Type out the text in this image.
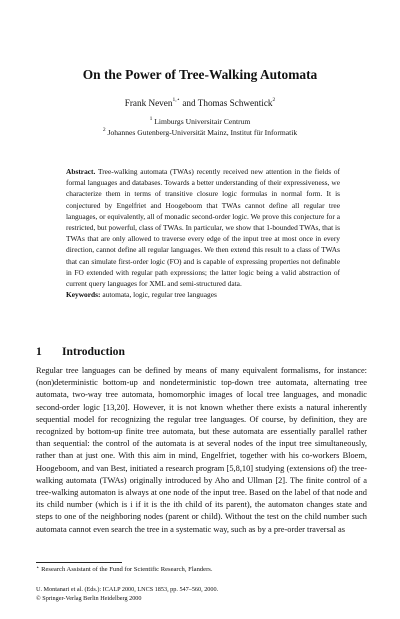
On the Power of Tree-Walking Automata
Frank Neven$^{1,⋆}$ and Thomas Schwentick$^2$
$^1$ Limburgs Universitair Centrum
$^2$ Johannes Gutenberg-Universität Mainz, Institut für Informatik

Abstract. Tree-walking automata (TWAs) recently received new attention in the fields of formal languages and databases. Towards a better understanding of their expressiveness, we characterize them in terms of transitive closure logic formulas in normal form. It is conjectured by Engelfriet and Hoogeboom that TWAs cannot define all regular tree languages, or equivalently, all of monadic second-order logic. We prove this conjecture for a restricted, but powerful, class of TWAs. In particular, we show that 1-bounded TWAs, that is TWAs that are only allowed to traverse every edge of the input tree at most once in every direction, cannot define all regular languages. We then extend this result to a class of TWAs that can simulate first-order logic (FO) and is capable of expressing properties not definable in FO extended with regular path expressions; the latter logic being a valid abstraction of current query languages for XML and semi-structured data.

Keywords: automata, logic, regular tree languages
1 Introduction

Regular tree languages can be defined by means of many equivalent formalisms, for instance: (non)deterministic bottom-up and nondeterministic top-down tree automata, alternating tree automata, two-way tree automata, homomorphic images of local tree languages, and monadic second-order logic [13,20]. However, it is not known whether there exists a natural inherently sequential model for recognizing the regular tree languages. Of course, by definition, they are recognized by bottom-up finite tree automata, but these automata are essentially parallel rather than sequential: the control of the automata is at several nodes of the input tree simultaneously, rather than at just one. With this aim in mind, Engelfriet, together with his co-workers Bloem, Hoogeboom, and van Best, initiated a research program [5,8,10] studying (extensions of) the tree-walking automata (TWAs) originally introduced by Aho and Ullman [2]. The finite control of a tree-walking automaton is always at one node of the input tree. Based on the label of that node and its child number (which is i if it is the ith child of its parent), the automaton changes state and steps to one of the neighboring nodes (parent or child). Without the test on the child number such automata cannot even search the tree in a systematic way, such as by a pre-order traversal as

⋆ Research Assistant of the Fund for Scientific Research, Flanders.
U. Montanari et al. (Eds.): ICALP 2000, LNCS 1853, pp. 547–560, 2000.
© Springer-Verlag Berlin Heidelberg 2000
